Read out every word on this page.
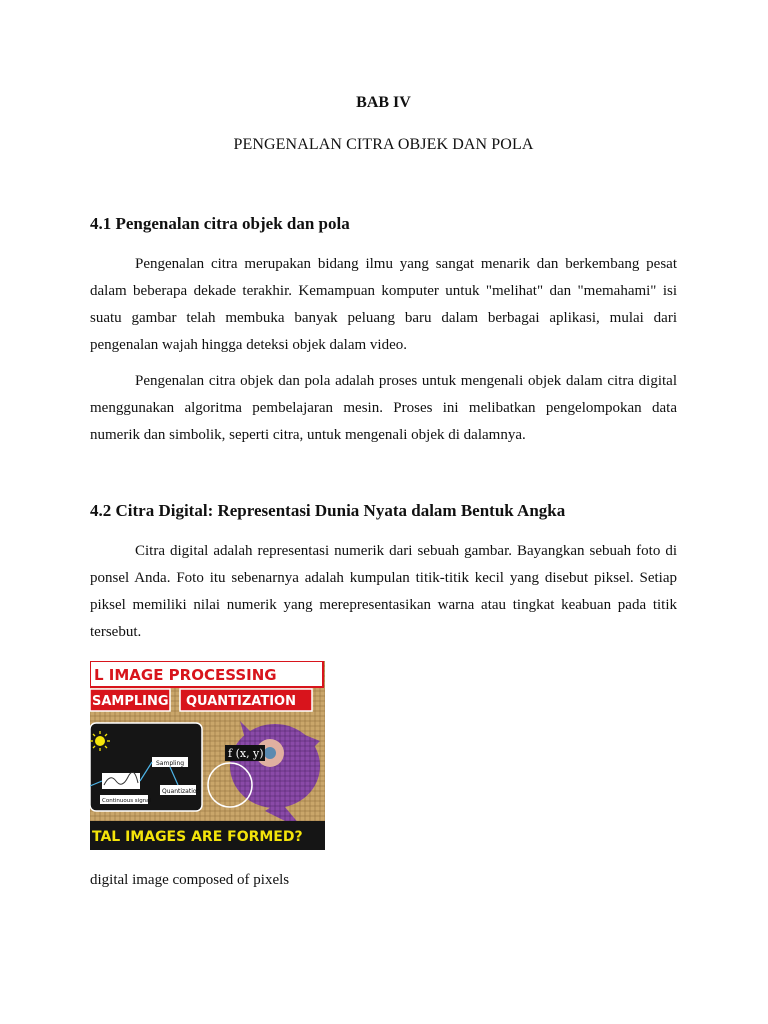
BAB IV
PENGENALAN CITRA OBJEK DAN POLA
4.1 Pengenalan citra objek dan pola

Pengenalan citra merupakan bidang ilmu yang sangat menarik dan berkembang pesat dalam beberapa dekade terakhir. Kemampuan komputer untuk "melihat" dan "memahami" isi suatu gambar telah membuka banyak peluang baru dalam berbagai aplikasi, mulai dari pengenalan wajah hingga deteksi objek dalam video.

Pengenalan citra objek dan pola adalah proses untuk mengenali objek dalam citra digital menggunakan algoritma pembelajaran mesin. Proses ini melibatkan pengelompokan data numerik dan simbolik, seperti citra, untuk mengenali objek di dalamnya.

4.2 Citra Digital: Representasi Dunia Nyata dalam Bentuk Angka

Citra digital adalah representasi numerik dari sebuah gambar. Bayangkan sebuah foto di ponsel Anda. Foto itu sebenarnya adalah kumpulan titik-titik kecil yang disebut piksel. Setiap piksel memiliki nilai numerik yang merepresentasikan warna atau tingkat keabuan pada titik tersebut.

L IMAGE PROCESSING
SAMPLING QUANTIZATION
f (x, y)
Sampling
Quantization
Continuous signal
TAL IMAGES ARE FORMED?
digital image composed of pixels
